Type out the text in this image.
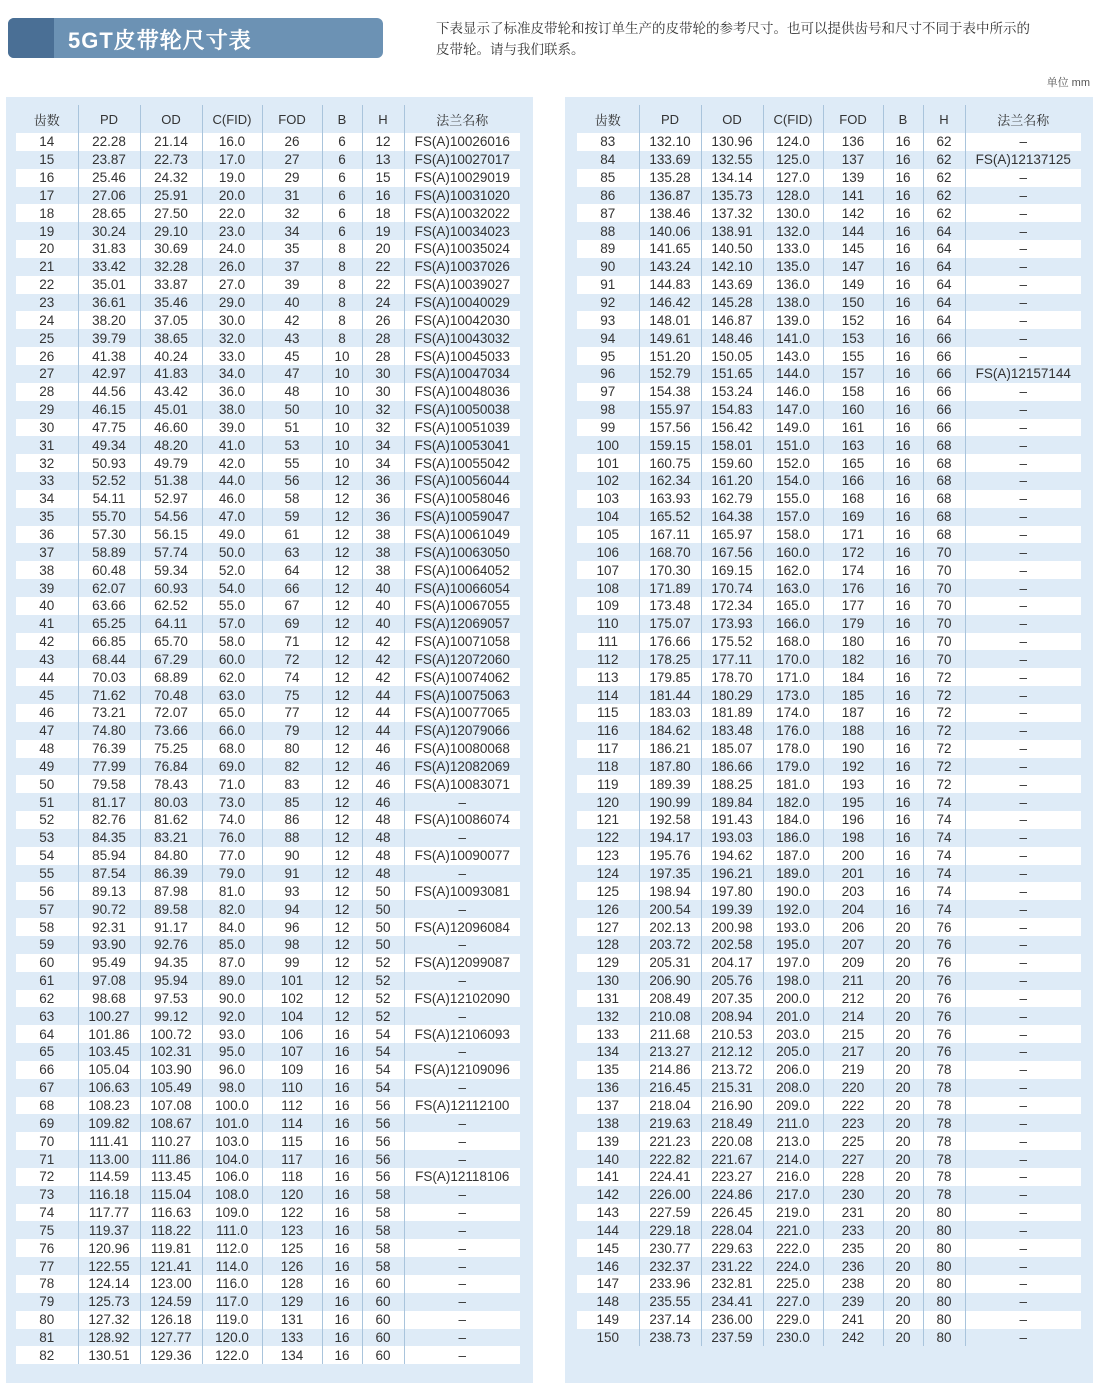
5GT皮带轮尺寸表	下表显示了标准皮带轮和按订单生产的皮带轮的参考尺寸。也可以提供齿号和尺寸不同于表中所示的皮带轮。请与我们联系。
单位 mm
齿数	PD	OD	C(FID)	FOD	B	H	法兰名称
14	22.28	21.14	16.0	26	6	12	FS(A)10026016
15	23.87	22.73	17.0	27	6	13	FS(A)10027017
16	25.46	24.32	19.0	29	6	15	FS(A)10029019
17	27.06	25.91	20.0	31	6	16	FS(A)10031020
18	28.65	27.50	22.0	32	6	18	FS(A)10032022
19	30.24	29.10	23.0	34	6	19	FS(A)10034023
20	31.83	30.69	24.0	35	8	20	FS(A)10035024
21	33.42	32.28	26.0	37	8	22	FS(A)10037026
22	35.01	33.87	27.0	39	8	22	FS(A)10039027
23	36.61	35.46	29.0	40	8	24	FS(A)10040029
24	38.20	37.05	30.0	42	8	26	FS(A)10042030
25	39.79	38.65	32.0	43	8	28	FS(A)10043032
26	41.38	40.24	33.0	45	10	28	FS(A)10045033
27	42.97	41.83	34.0	47	10	30	FS(A)10047034
28	44.56	43.42	36.0	48	10	30	FS(A)10048036
29	46.15	45.01	38.0	50	10	32	FS(A)10050038
30	47.75	46.60	39.0	51	10	32	FS(A)10051039
31	49.34	48.20	41.0	53	10	34	FS(A)10053041
32	50.93	49.79	42.0	55	10	34	FS(A)10055042
33	52.52	51.38	44.0	56	12	36	FS(A)10056044
34	54.11	52.97	46.0	58	12	36	FS(A)10058046
35	55.70	54.56	47.0	59	12	36	FS(A)10059047
36	57.30	56.15	49.0	61	12	38	FS(A)10061049
37	58.89	57.74	50.0	63	12	38	FS(A)10063050
38	60.48	59.34	52.0	64	12	38	FS(A)10064052
39	62.07	60.93	54.0	66	12	40	FS(A)10066054
40	63.66	62.52	55.0	67	12	40	FS(A)10067055
41	65.25	64.11	57.0	69	12	40	FS(A)12069057
42	66.85	65.70	58.0	71	12	42	FS(A)10071058
43	68.44	67.29	60.0	72	12	42	FS(A)12072060
44	70.03	68.89	62.0	74	12	42	FS(A)10074062
45	71.62	70.48	63.0	75	12	44	FS(A)10075063
46	73.21	72.07	65.0	77	12	44	FS(A)10077065
47	74.80	73.66	66.0	79	12	44	FS(A)12079066
48	76.39	75.25	68.0	80	12	46	FS(A)10080068
49	77.99	76.84	69.0	82	12	46	FS(A)12082069
50	79.58	78.43	71.0	83	12	46	FS(A)10083071
51	81.17	80.03	73.0	85	12	46	–
52	82.76	81.62	74.0	86	12	48	FS(A)10086074
53	84.35	83.21	76.0	88	12	48	–
54	85.94	84.80	77.0	90	12	48	FS(A)10090077
55	87.54	86.39	79.0	91	12	48	–
56	89.13	87.98	81.0	93	12	50	FS(A)10093081
57	90.72	89.58	82.0	94	12	50	–
58	92.31	91.17	84.0	96	12	50	FS(A)12096084
59	93.90	92.76	85.0	98	12	50	–
60	95.49	94.35	87.0	99	12	52	FS(A)12099087
61	97.08	95.94	89.0	101	12	52	–
62	98.68	97.53	90.0	102	12	52	FS(A)12102090
63	100.27	99.12	92.0	104	12	52	–
64	101.86	100.72	93.0	106	16	54	FS(A)12106093
65	103.45	102.31	95.0	107	16	54	–
66	105.04	103.90	96.0	109	16	54	FS(A)12109096
67	106.63	105.49	98.0	110	16	54	–
68	108.23	107.08	100.0	112	16	56	FS(A)12112100
69	109.82	108.67	101.0	114	16	56	–
70	111.41	110.27	103.0	115	16	56	–
71	113.00	111.86	104.0	117	16	56	–
72	114.59	113.45	106.0	118	16	56	FS(A)12118106
73	116.18	115.04	108.0	120	16	58	–
74	117.77	116.63	109.0	122	16	58	–
75	119.37	118.22	111.0	123	16	58	–
76	120.96	119.81	112.0	125	16	58	–
77	122.55	121.41	114.0	126	16	58	–
78	124.14	123.00	116.0	128	16	60	–
79	125.73	124.59	117.0	129	16	60	–
80	127.32	126.18	119.0	131	16	60	–
81	128.92	127.77	120.0	133	16	60	–
82	130.51	129.36	122.0	134	16	60	–
齿数	PD	OD	C(FID)	FOD	B	H	法兰名称
83	132.10	130.96	124.0	136	16	62	–
84	133.69	132.55	125.0	137	16	62	FS(A)12137125
85	135.28	134.14	127.0	139	16	62	–
86	136.87	135.73	128.0	141	16	62	–
87	138.46	137.32	130.0	142	16	62	–
88	140.06	138.91	132.0	144	16	64	–
89	141.65	140.50	133.0	145	16	64	–
90	143.24	142.10	135.0	147	16	64	–
91	144.83	143.69	136.0	149	16	64	–
92	146.42	145.28	138.0	150	16	64	–
93	148.01	146.87	139.0	152	16	64	–
94	149.61	148.46	141.0	153	16	66	–
95	151.20	150.05	143.0	155	16	66	–
96	152.79	151.65	144.0	157	16	66	FS(A)12157144
97	154.38	153.24	146.0	158	16	66	–
98	155.97	154.83	147.0	160	16	66	–
99	157.56	156.42	149.0	161	16	66	–
100	159.15	158.01	151.0	163	16	68	–
101	160.75	159.60	152.0	165	16	68	–
102	162.34	161.20	154.0	166	16	68	–
103	163.93	162.79	155.0	168	16	68	–
104	165.52	164.38	157.0	169	16	68	–
105	167.11	165.97	158.0	171	16	68	–
106	168.70	167.56	160.0	172	16	70	–
107	170.30	169.15	162.0	174	16	70	–
108	171.89	170.74	163.0	176	16	70	–
109	173.48	172.34	165.0	177	16	70	–
110	175.07	173.93	166.0	179	16	70	–
111	176.66	175.52	168.0	180	16	70	–
112	178.25	177.11	170.0	182	16	70	–
113	179.85	178.70	171.0	184	16	72	–
114	181.44	180.29	173.0	185	16	72	–
115	183.03	181.89	174.0	187	16	72	–
116	184.62	183.48	176.0	188	16	72	–
117	186.21	185.07	178.0	190	16	72	–
118	187.80	186.66	179.0	192	16	72	–
119	189.39	188.25	181.0	193	16	72	–
120	190.99	189.84	182.0	195	16	74	–
121	192.58	191.43	184.0	196	16	74	–
122	194.17	193.03	186.0	198	16	74	–
123	195.76	194.62	187.0	200	16	74	–
124	197.35	196.21	189.0	201	16	74	–
125	198.94	197.80	190.0	203	16	74	–
126	200.54	199.39	192.0	204	16	74	–
127	202.13	200.98	193.0	206	20	76	–
128	203.72	202.58	195.0	207	20	76	–
129	205.31	204.17	197.0	209	20	76	–
130	206.90	205.76	198.0	211	20	76	–
131	208.49	207.35	200.0	212	20	76	–
132	210.08	208.94	201.0	214	20	76	–
133	211.68	210.53	203.0	215	20	76	–
134	213.27	212.12	205.0	217	20	76	–
135	214.86	213.72	206.0	219	20	78	–
136	216.45	215.31	208.0	220	20	78	–
137	218.04	216.90	209.0	222	20	78	–
138	219.63	218.49	211.0	223	20	78	–
139	221.23	220.08	213.0	225	20	78	–
140	222.82	221.67	214.0	227	20	78	–
141	224.41	223.27	216.0	228	20	78	–
142	226.00	224.86	217.0	230	20	78	–
143	227.59	226.45	219.0	231	20	80	–
144	229.18	228.04	221.0	233	20	80	–
145	230.77	229.63	222.0	235	20	80	–
146	232.37	231.22	224.0	236	20	80	–
147	233.96	232.81	225.0	238	20	80	–
148	235.55	234.41	227.0	239	20	80	–
149	237.14	236.00	229.0	241	20	80	–
150	238.73	237.59	230.0	242	20	80	–
